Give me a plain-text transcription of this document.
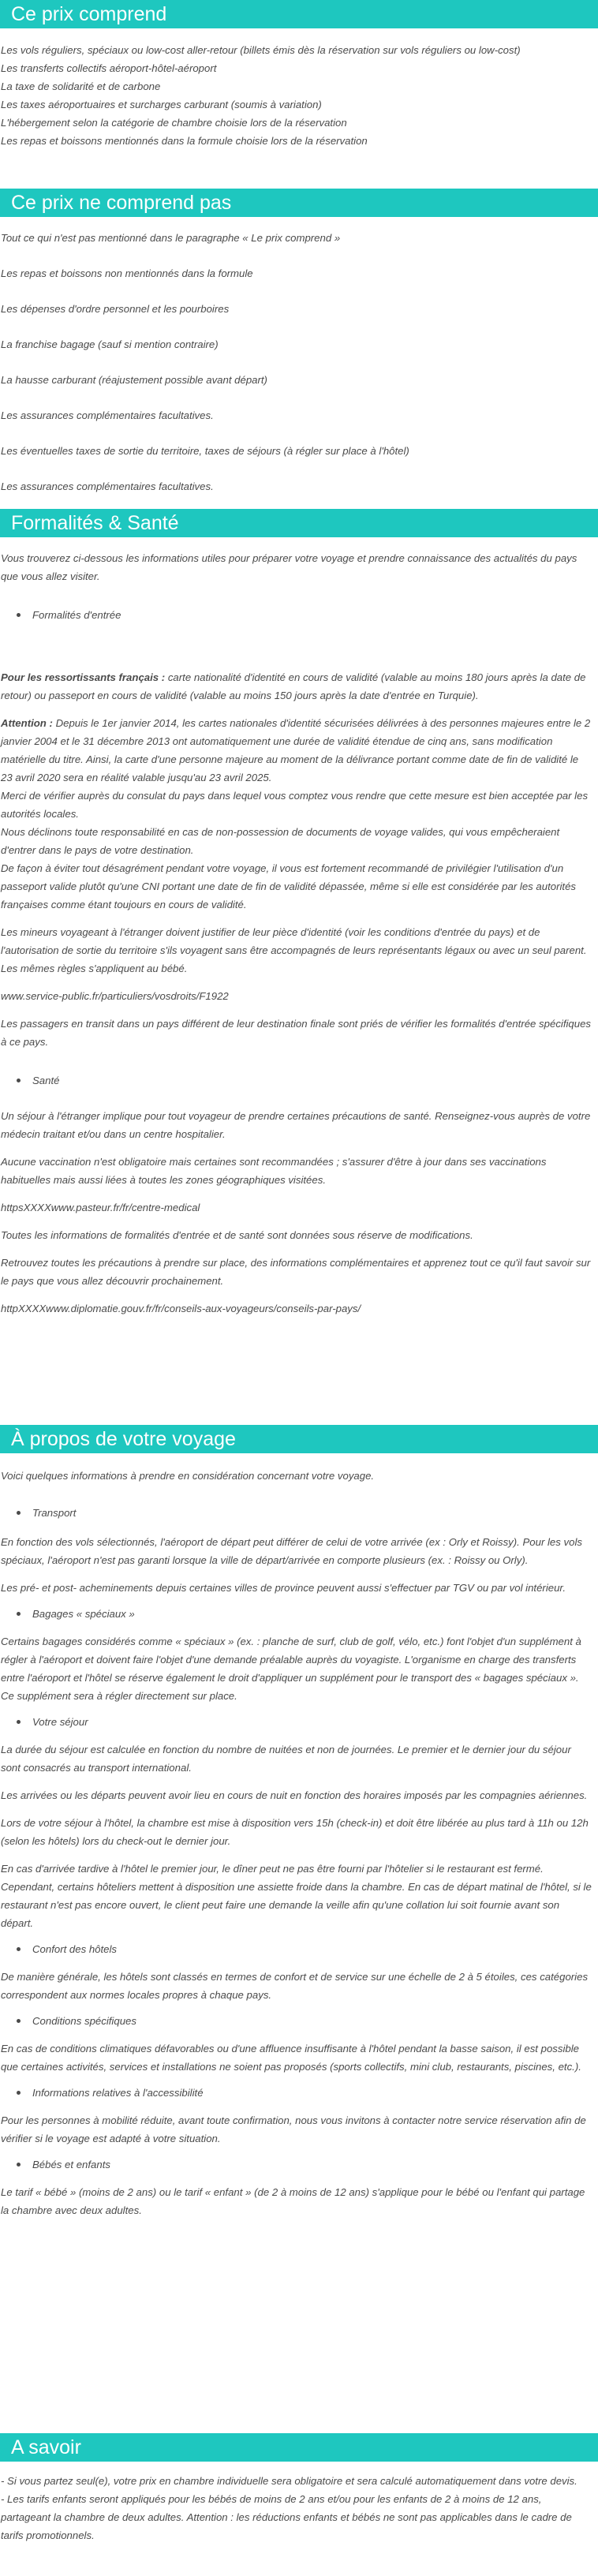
Ce prix comprend

Les vols réguliers, spéciaux ou low-cost aller-retour (billets émis dès la réservation sur vols réguliers ou low-cost)

Les transferts collectifs aéroport-hôtel-aéroport

La taxe de solidarité et de carbone

Les taxes aéroportuaires et surcharges carburant (soumis à variation)

L'hébergement selon la catégorie de chambre choisie lors de la réservation

Les repas et boissons mentionnés dans la formule choisie lors de la réservation

Ce prix ne comprend pas

Tout ce qui n'est pas mentionné dans le paragraphe « Le prix comprend »

Les repas et boissons non mentionnés dans la formule

Les dépenses d'ordre personnel et les pourboires

La franchise bagage (sauf si mention contraire)

La hausse carburant (réajustement possible avant départ)

Les assurances complémentaires facultatives.

Les éventuelles taxes de sortie du territoire, taxes de séjours (à régler sur place à l'hôtel)

Les assurances complémentaires facultatives.

Formalités & Santé

Vous trouverez ci-dessous les informations utiles pour préparer votre voyage et prendre connaissance des actualités du pays que vous allez visiter.

Formalités d'entrée

Pour les ressortissants français : carte nationalité d'identité en cours de validité (valable au moins 180 jours après la date de retour) ou passeport en cours de validité (valable au moins 150 jours après la date d'entrée en Turquie).

Attention : Depuis le 1er janvier 2014, les cartes nationales d'identité sécurisées délivrées à des personnes majeures entre le 2 janvier 2004 et le 31 décembre 2013 ont automatiquement une durée de validité étendue de cinq ans, sans modification matérielle du titre. Ainsi, la carte d'une personne majeure au moment de la délivrance portant comme date de fin de validité le 23 avril 2020 sera en réalité valable jusqu'au 23 avril 2025.

Merci de vérifier auprès du consulat du pays dans lequel vous comptez vous rendre que cette mesure est bien acceptée par les autorités locales.

Nous déclinons toute responsabilité en cas de non-possession de documents de voyage valides, qui vous empêcheraient d'entrer dans le pays de votre destination.

De façon à éviter tout désagrément pendant votre voyage, il vous est fortement recommandé de privilégier l'utilisation d'un passeport valide plutôt qu'une CNI portant une date de fin de validité dépassée, même si elle est considérée par les autorités françaises comme étant toujours en cours de validité.

Les mineurs voyageant à l'étranger doivent justifier de leur pièce d'identité (voir les conditions d'entrée du pays) et de l'autorisation de sortie du territoire s'ils voyagent sans être accompagnés de leurs représentants légaux ou avec un seul parent. Les mêmes règles s'appliquent au bébé.

www.service-public.fr/particuliers/vosdroits/F1922

Les passagers en transit dans un pays différent de leur destination finale sont priés de vérifier les formalités d'entrée spécifiques à ce pays.

Santé

Un séjour à l'étranger implique pour tout voyageur de prendre certaines précautions de santé. Renseignez-vous auprès de votre médecin traitant et/ou dans un centre hospitalier.

Aucune vaccination n'est obligatoire mais certaines sont recommandées ; s'assurer d'être à jour dans ses vaccinations habituelles mais aussi liées à toutes les zones géographiques visitées.

httpsXXXXwww.pasteur.fr/fr/centre-medical

Toutes les informations de formalités d'entrée et de santé sont données sous réserve de modifications.

Retrouvez toutes les précautions à prendre sur place, des informations complémentaires et apprenez tout ce qu'il faut savoir sur le pays que vous allez découvrir prochainement.

httpXXXXwww.diplomatie.gouv.fr/fr/conseils-aux-voyageurs/conseils-par-pays/

À propos de votre voyage

Voici quelques informations à prendre en considération concernant votre voyage.

Transport

En fonction des vols sélectionnés, l'aéroport de départ peut différer de celui de votre arrivée (ex : Orly et Roissy). Pour les vols spéciaux, l'aéroport n'est pas garanti lorsque la ville de départ/arrivée en comporte plusieurs (ex. : Roissy ou Orly).

Les pré- et post- acheminements depuis certaines villes de province peuvent aussi s'effectuer par TGV ou par vol intérieur.

Bagages « spéciaux »

Certains bagages considérés comme « spéciaux » (ex. : planche de surf, club de golf, vélo, etc.) font l'objet d'un supplément à régler à l'aéroport et doivent faire l'objet d'une demande préalable auprès du voyagiste. L'organisme en charge des transferts entre l'aéroport et l'hôtel se réserve également le droit d'appliquer un supplément pour le transport des « bagages spéciaux ». Ce supplément sera à régler directement sur place.

Votre séjour

La durée du séjour est calculée en fonction du nombre de nuitées et non de journées. Le premier et le dernier jour du séjour sont consacrés au transport international.

Les arrivées ou les départs peuvent avoir lieu en cours de nuit en fonction des horaires imposés par les compagnies aériennes.

Lors de votre séjour à l'hôtel, la chambre est mise à disposition vers 15h (check-in) et doit être libérée au plus tard à 11h ou 12h (selon les hôtels) lors du check-out le dernier jour.

En cas d'arrivée tardive à l'hôtel le premier jour, le dîner peut ne pas être fourni par l'hôtelier si le restaurant est fermé. Cependant, certains hôteliers mettent à disposition une assiette froide dans la chambre. En cas de départ matinal de l'hôtel, si le restaurant n'est pas encore ouvert, le client peut faire une demande la veille afin qu'une collation lui soit fournie avant son départ.

Confort des hôtels

De manière générale, les hôtels sont classés en termes de confort et de service sur une échelle de 2 à 5 étoiles, ces catégories correspondent aux normes locales propres à chaque pays.

Conditions spécifiques

En cas de conditions climatiques défavorables ou d'une affluence insuffisante à l'hôtel pendant la basse saison, il est possible que certaines activités, services et installations ne soient pas proposés (sports collectifs, mini club, restaurants, piscines, etc.).

Informations relatives à l'accessibilité

Pour les personnes à mobilité réduite, avant toute confirmation, nous vous invitons à contacter notre service réservation afin de vérifier si le voyage est adapté à votre situation.

Bébés et enfants

Le tarif « bébé » (moins de 2 ans) ou le tarif « enfant » (de 2 à moins de 12 ans) s'applique pour le bébé ou l'enfant qui partage la chambre avec deux adultes.

A savoir

- Si vous partez seul(e), votre prix en chambre individuelle sera obligatoire et sera calculé automatiquement dans votre devis.

- Les tarifs enfants seront appliqués pour les bébés de moins de 2 ans et/ou pour les enfants de 2 à moins de 12 ans, partageant la chambre de deux adultes. Attention : les réductions enfants et bébés ne sont pas applicables dans le cadre de tarifs promotionnels.
